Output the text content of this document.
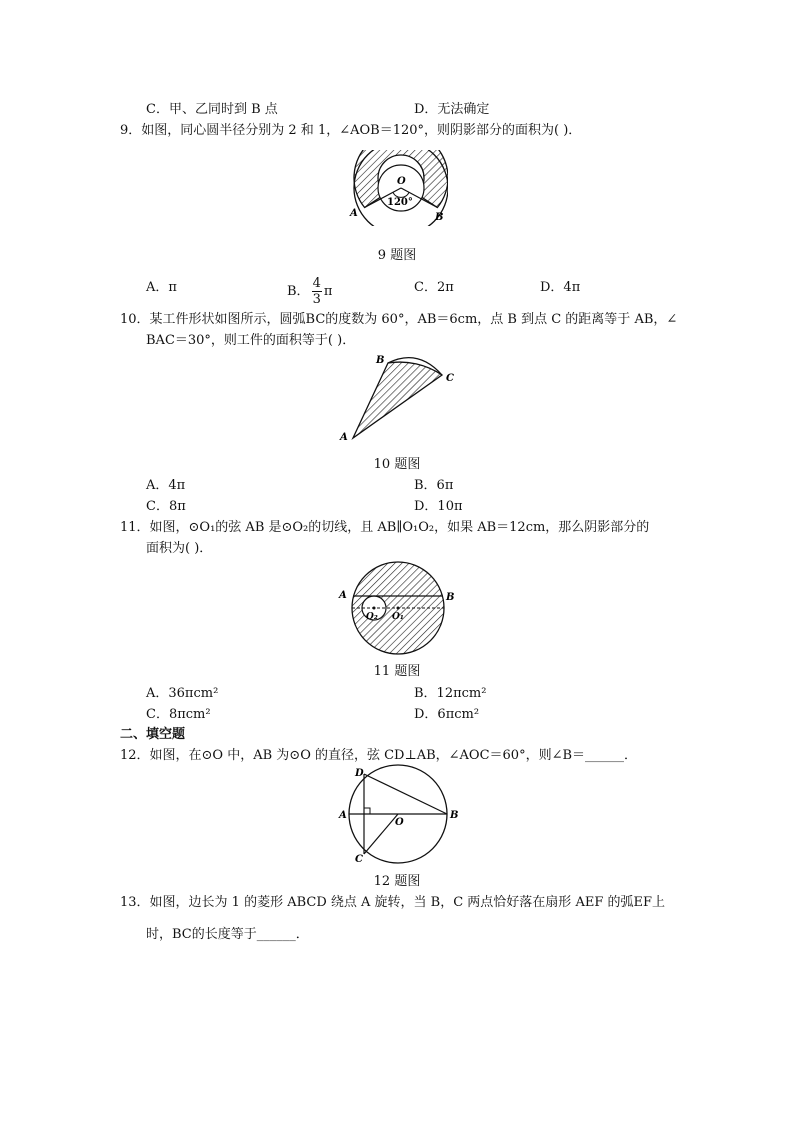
C．甲、乙同时到 B 点	D．无法确定
9．如图，同心圆半径分别为 2 和 1，∠AOB＝120°，则阴影部分的面积为( )．
O
120°
A	B
9 题图
A．π	B． $\frac{4}{3}$ π	C．2π	D．4π
10．某工件形状如图所示，圆弧BC的度数为 60°，AB＝6cm，点 B 到点 C 的距离等于 AB，∠
BAC＝30°，则工件的面积等于( )．
A
B
C
10 题图
A．4π	B．6π
C．8π	D．10π
11．如图，⊙O₁的弦 AB 是⊙O₂的切线，且 AB∥O₁O₂，如果 AB＝12cm，那么阴影部分的
面积为( )．
A	B
O₂ O₁
11 题图
A．36πcm²	B．12πcm²
C．8πcm²	D．6πcm²
二、填空题
12．如图，在⊙O 中，AB 为⊙O 的直径，弦 CD⊥AB，∠AOC＝60°，则∠B＝______．
D
A	B
O
C
12 题图
13．如图，边长为 1 的菱形 ABCD 绕点 A 旋转，当 B，C 两点恰好落在扇形 AEF 的弧EF上
时，BC的长度等于______．
